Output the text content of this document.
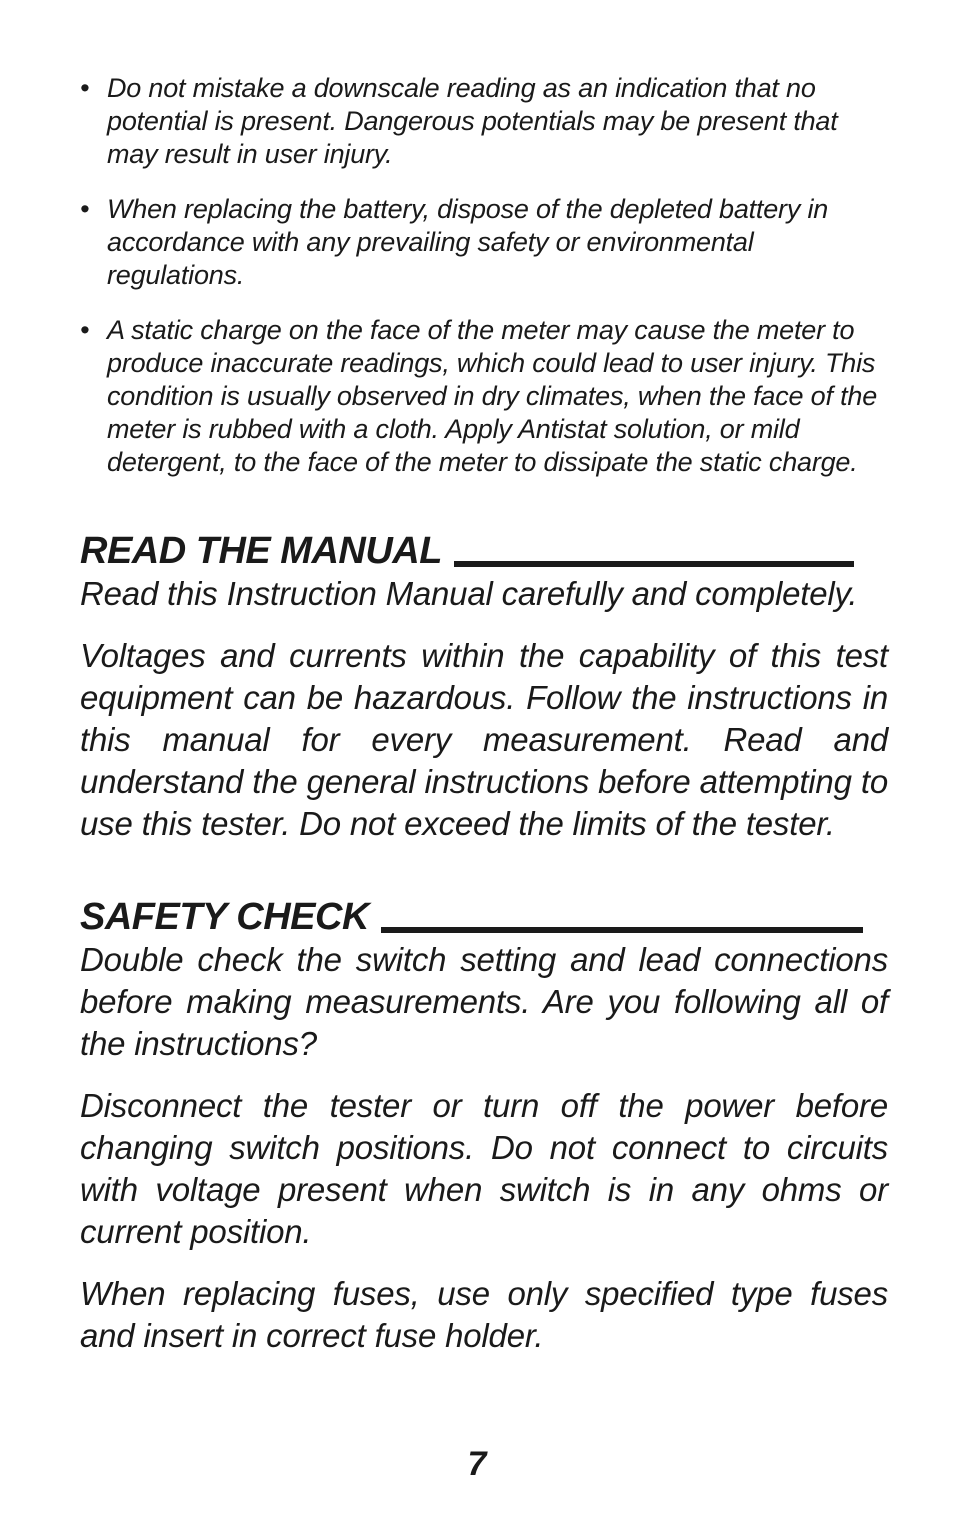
• Do not mistake a downscale reading as an indication that no potential is present. Dangerous potentials may be present that may result in user injury.
• When replacing the battery, dispose of the depleted battery in accordance with any prevailing safety or environmental regulations.
• A static charge on the face of the meter may cause the meter to produce inaccurate readings, which could lead to user injury. This condition is usually observed in dry climates, when the face of the meter is rubbed with a cloth. Apply Antistat solution, or mild detergent, to the face of the meter to dissipate the static charge.
READ THE MANUAL

Read this Instruction Manual carefully and completely.

Voltages and currents within the capability of this test equipment can be hazardous. Follow the instructions in this manual for every measurement. Read and understand the general instructions before attempting to use this tester. Do not exceed the limits of the tester.

SAFETY CHECK

Double check the switch setting and lead connections before making measurements. Are you following all of the instructions?

Disconnect the tester or turn off the power before changing switch positions. Do not connect to circuits with voltage present when switch is in any ohms or current position.

When replacing fuses, use only specified type fuses and insert in correct fuse holder.

7
